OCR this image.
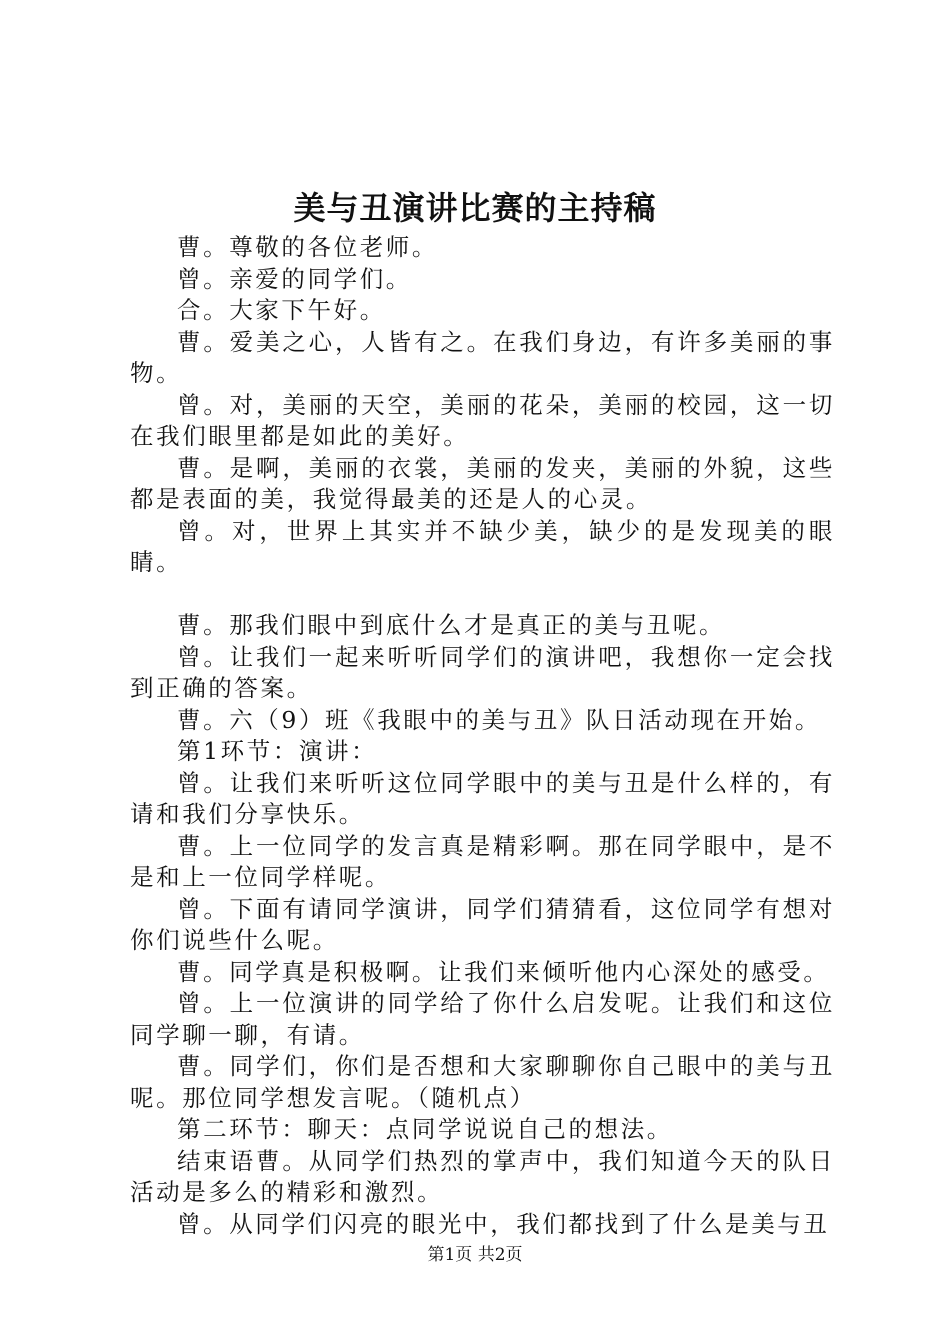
美与丑演讲比赛的主持稿

曹。尊敬的各位老师。

曾。亲爱的同学们。

合。大家下午好。

曹。爱美之心，人皆有之。在我们身边，有许多美丽的事物。

曾。对，美丽的天空，美丽的花朵，美丽的校园，这一切在我们眼里都是如此的美好。

曹。是啊，美丽的衣裳，美丽的发夹，美丽的外貌，这些都是表面的美，我觉得最美的还是人的心灵。

曾。对，世界上其实并不缺少美，缺少的是发现美的眼睛。

曹。那我们眼中到底什么才是真正的美与丑呢。

曾。让我们一起来听听同学们的演讲吧，我想你一定会找到正确的答案。

曹。六（9）班《我眼中的美与丑》队日活动现在开始。

第1环节：演讲：

曾。让我们来听听这位同学眼中的美与丑是什么样的，有请和我们分享快乐。

曹。上一位同学的发言真是精彩啊。那在同学眼中，是不是和上一位同学样呢。

曾。下面有请同学演讲，同学们猜猜看，这位同学有想对你们说些什么呢。

曹。同学真是积极啊。让我们来倾听他内心深处的感受。

曾。上一位演讲的同学给了你什么启发呢。让我们和这位同学聊一聊，有请。

曹。同学们，你们是否想和大家聊聊你自己眼中的美与丑呢。那位同学想发言呢。（随机点）

第二环节：聊天：点同学说说自己的想法。

结束语曹。从同学们热烈的掌声中，我们知道今天的队日活动是多么的精彩和激烈。

曾。从同学们闪亮的眼光中，我们都找到了什么是美与丑

第1页 共2页
